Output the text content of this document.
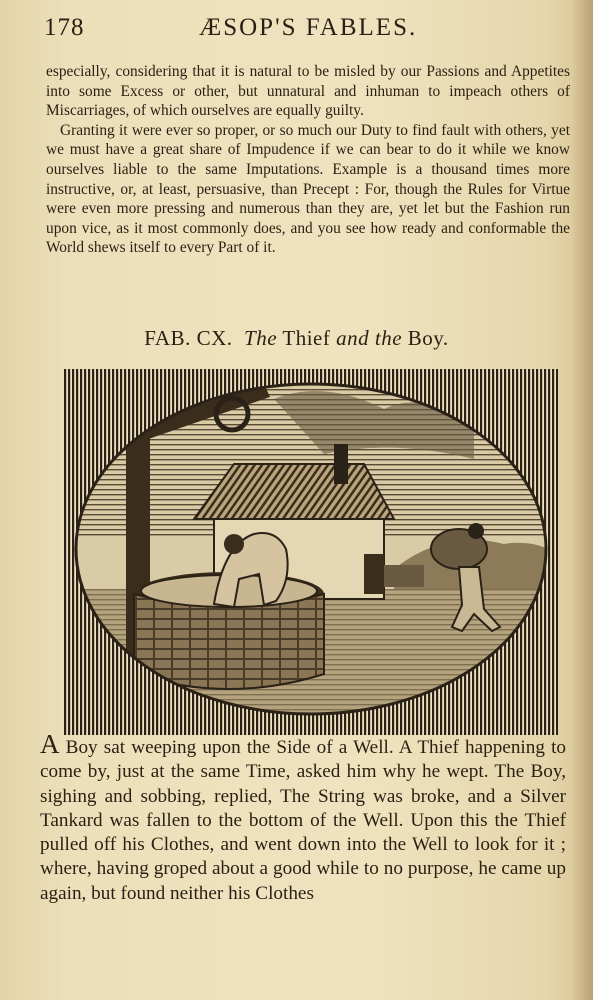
178	ÆSOP'S FABLES.

especially, considering that it is natural to be misled by our Passions and Appetites into some Excess or other, but unnatural and inhuman to impeach others of Miscarriages, of which ourselves are equally guilty.

Granting it were ever so proper, or so much our Duty to find fault with others, yet we must have a great share of Impudence if we can bear to do it while we know ourselves liable to the same Imputations. Example is a thousand times more instructive, or, at least, persuasive, than Precept : For, though the Rules for Virtue were even more pressing and numerous than they are, yet let but the Fashion run upon vice, as it most commonly does, and you see how ready and conformable the World shews itself to every Part of it.

FAB. CX. The Thief and the Boy.
A Boy sat weeping upon the Side of a Well. A Thief happening to come by, just at the same Time, asked him why he wept. The Boy, sighing and sobbing, replied, The String was broke, and a Silver Tankard was fallen to the bottom of the Well. Upon this the Thief pulled off his Clothes, and went down into the Well to look for it ; where, having groped about a good while to no purpose, he came up again, but found neither his Clothes
